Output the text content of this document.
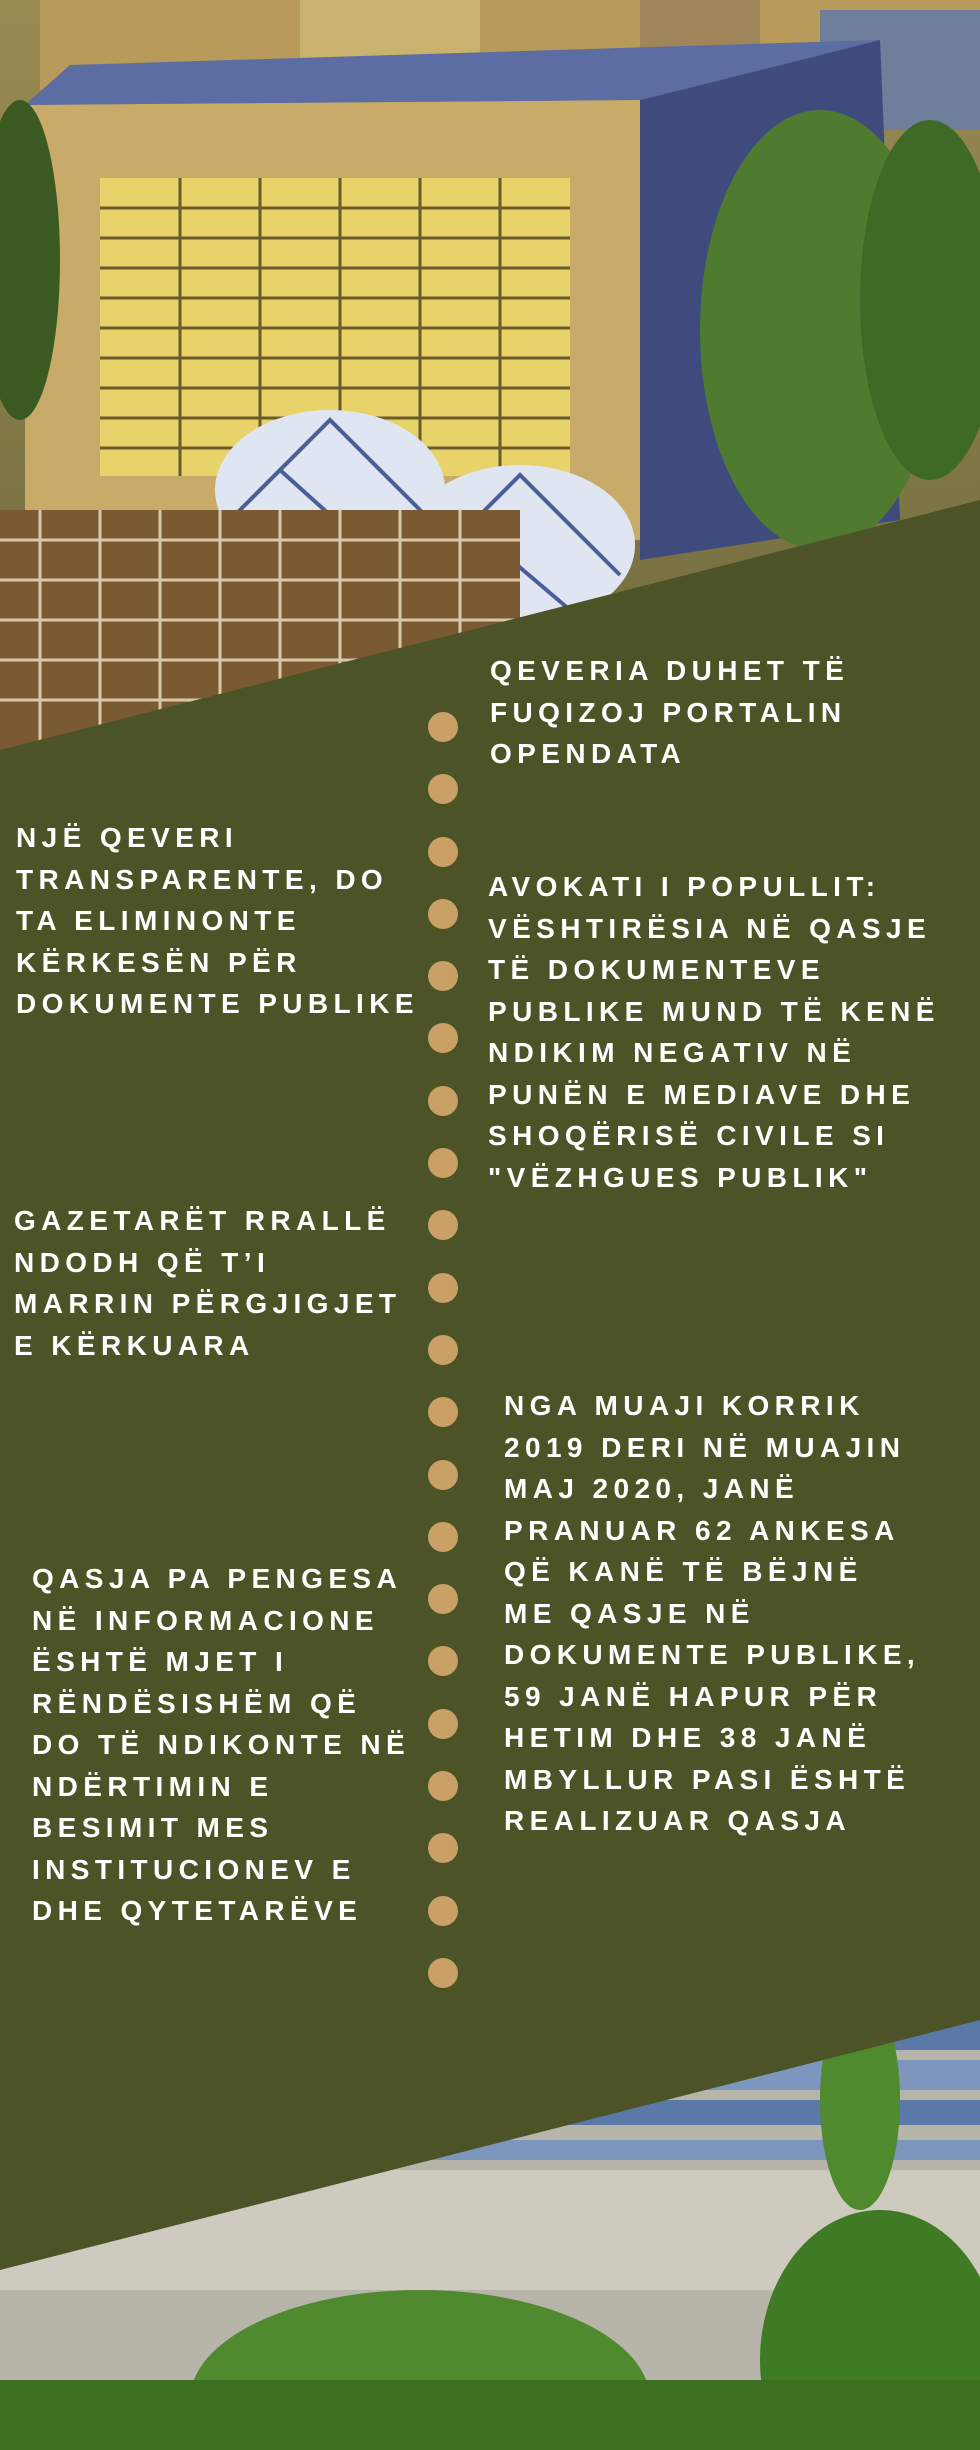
QEVERIA DUHET TË FUQIZOJ PORTALIN OPENDATA

NJË QEVERI TRANSPARENTE, DO TA ELIMINONTE KËRKESËN PËR DOKUMENTE PUBLIKE

AVOKATI I POPULLIT: VËSHTIRËSIA NË QASJE TË DOKUMENTEVE PUBLIKE MUND TË KENË NDIKIM NEGATIV NË PUNËN E MEDIAVE DHE SHOQËRISË CIVILE SI "VËZHGUES PUBLIK"

GAZETARËT RRALLË NDODH QË T’I MARRIN PËRGJIGJET E KËRKUARA

NGA MUAJI KORRIK 2019 DERI NË MUAJIN MAJ 2020, JANË PRANUAR 62 ANKESA QË KANË TË BËJNË ME QASJE NË DOKUMENTE PUBLIKE, 59 JANË HAPUR PËR HETIM DHE 38 JANË MBYLLUR PASI ËSHTË REALIZUAR QASJA

QASJA PA PENGESA NË INFORMACIONE ËSHTË MJET I RËNDËSISHËM QË DO TË NDIKONTE NË NDËRTIMIN E BESIMIT MES INSTITUCIONEV E DHE QYTETARËVE
